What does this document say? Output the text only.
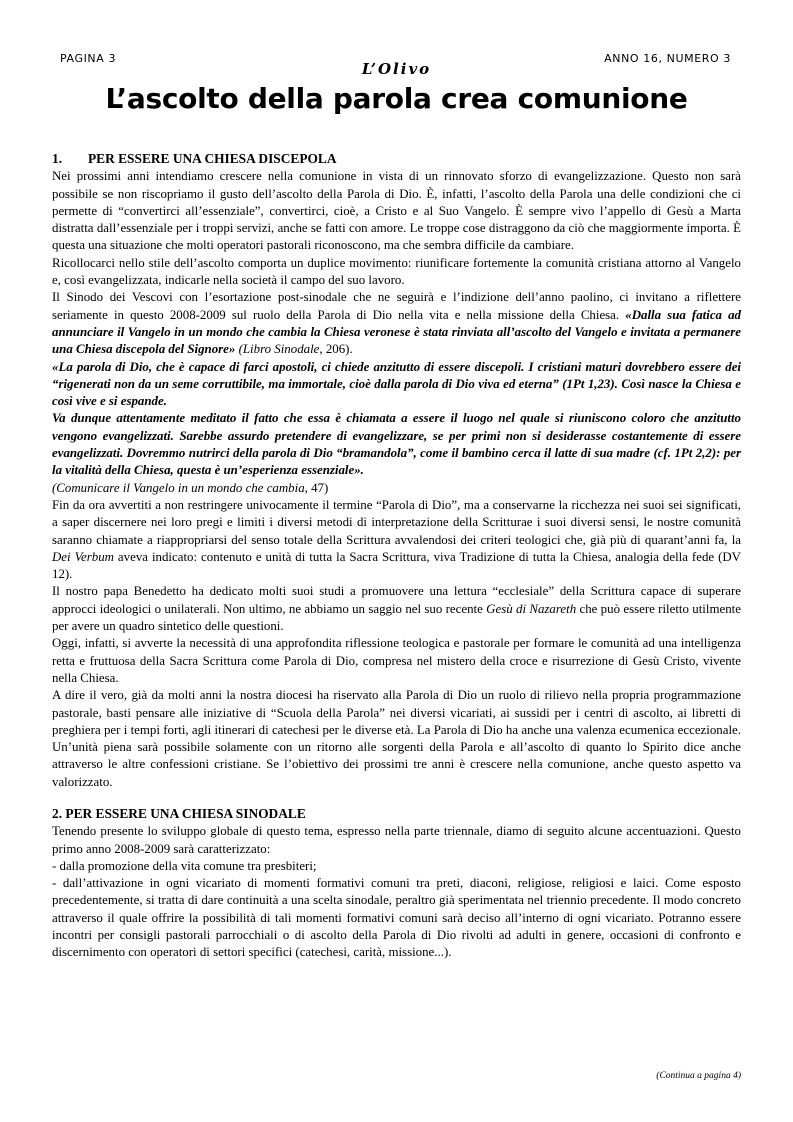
PAGINA 3	ANNO 16, NUMERO 3
L’Olivo
L’ascolto della parola crea comunione
1.	PER ESSERE UNA CHIESA DISCEPOLA

Nei prossimi anni intendiamo crescere nella comunione in vista di un rinnovato sforzo di evangelizzazione. Questo non sarà possibile se non riscopriamo il gusto dell’ascolto della Parola di Dio. È, infatti, l’ascolto della Parola una delle condizioni che ci permette di “convertirci all’essenziale”, convertirci, cioè, a Cristo e al Suo Vangelo. È sempre vivo l’appello di Gesù a Marta distratta dall’essenziale per i troppi servizi, anche se fatti con amore. Le troppe cose distraggono da ciò che maggiormente importa. È questa una situazione che molti operatori pastorali riconoscono, ma che sembra difficile da cambiare.

Ricollocarci nello stile dell’ascolto comporta un duplice movimento: riunificare fortemente la comunità cristiana attorno al Vangelo e, così evangelizzata, indicarle nella società il campo del suo lavoro.

Il Sinodo dei Vescovi con l’esortazione post-sinodale che ne seguirà e l’indizione dell’anno paolino, ci invitano a riflettere seriamente in questo 2008-2009 sul ruolo della Parola di Dio nella vita e nella missione della Chiesa. «Dalla sua fatica ad annunciare il Vangelo in un mondo che cambia la Chiesa veronese è stata rinviata all’ascolto del Vangelo e invitata a permanere una Chiesa discepola del Signore» (Libro Sinodale, 206).

«La parola di Dio, che è capace di farci apostoli, ci chiede anzitutto di essere discepoli. I cristiani maturi dovrebbero essere dei “rigenerati non da un seme corruttibile, ma immortale, cioè dalla parola di Dio viva ed eterna” (1Pt 1,23). Così nasce la Chiesa e così vive e si espande.

Va dunque attentamente meditato il fatto che essa è chiamata a essere il luogo nel quale si riuniscono coloro che anzitutto vengono evangelizzati. Sarebbe assurdo pretendere di evangelizzare, se per primi non si desiderasse costantemente di essere evangelizzati. Dovremmo nutrirci della parola di Dio “bramandola”, come il bambino cerca il latte di sua madre (cf. 1Pt 2,2): per la vitalità della Chiesa, questa è un’esperienza essenziale».

(Comunicare il Vangelo in un mondo che cambia, 47)

Fin da ora avvertiti a non restringere univocamente il termine “Parola di Dio”, ma a conservarne la ricchezza nei suoi sei significati, a saper discernere nei loro pregi e limiti i diversi metodi di interpretazione della Scritturae i suoi diversi sensi, le nostre comunità saranno chiamate a riappropriarsi del senso totale della Scrittura avvalendosi dei criteri teologici che, già più di quarant’anni fa, la Dei Verbum aveva indicato: contenuto e unità di tutta la Sacra Scrittura, viva Tradizione di tutta la Chiesa, analogia della fede (DV 12).

Il nostro papa Benedetto ha dedicato molti suoi studi a promuovere una lettura “ecclesiale” della Scrittura capace di superare approcci ideologici o unilaterali. Non ultimo, ne abbiamo un saggio nel suo recente Gesù di Nazareth che può essere riletto utilmente per avere un quadro sintetico delle questioni.

Oggi, infatti, si avverte la necessità di una approfondita riflessione teologica e pastorale per formare le comunità ad una intelligenza retta e fruttuosa della Sacra Scrittura come Parola di Dio, compresa nel mistero della croce e risurrezione di Gesù Cristo, vivente nella Chiesa.

A dire il vero, già da molti anni la nostra diocesi ha riservato alla Parola di Dio un ruolo di rilievo nella propria programmazione pastorale, basti pensare alle iniziative di “Scuola della Parola” nei diversi vicariati, ai sussidi per i centri di ascolto, ai libretti di preghiera per i tempi forti, agli itinerari di catechesi per le diverse età. La Parola di Dio ha anche una valenza ecumenica eccezionale. Un’unità piena sarà possibile solamente con un ritorno alle sorgenti della Parola e all’ascolto di quanto lo Spirito dice anche attraverso le altre confessioni cristiane. Se l’obiettivo dei prossimi tre anni è crescere nella comunione, anche questo aspetto va valorizzato.

2. PER ESSERE UNA CHIESA SINODALE

Tenendo presente lo sviluppo globale di questo tema, espresso nella parte triennale, diamo di seguito alcune accentuazioni. Questo primo anno 2008-2009 sarà caratterizzato:

- dalla promozione della vita comune tra presbiteri;

- dall’attivazione in ogni vicariato di momenti formativi comuni tra preti, diaconi, religiose, religiosi e laici. Come esposto precedentemente, si tratta di dare continuità a una scelta sinodale, peraltro già sperimentata nel triennio precedente. Il modo concreto attraverso il quale offrire la possibilità di tali momenti formativi comuni sarà deciso all’interno di ogni vicariato. Potranno essere incontri per consigli pastorali parrocchiali o di ascolto della Parola di Dio rivolti ad adulti in genere, occasioni di confronto e discernimento con operatori di settori specifici (catechesi, carità, missione...).

(Continua a pagina 4)
